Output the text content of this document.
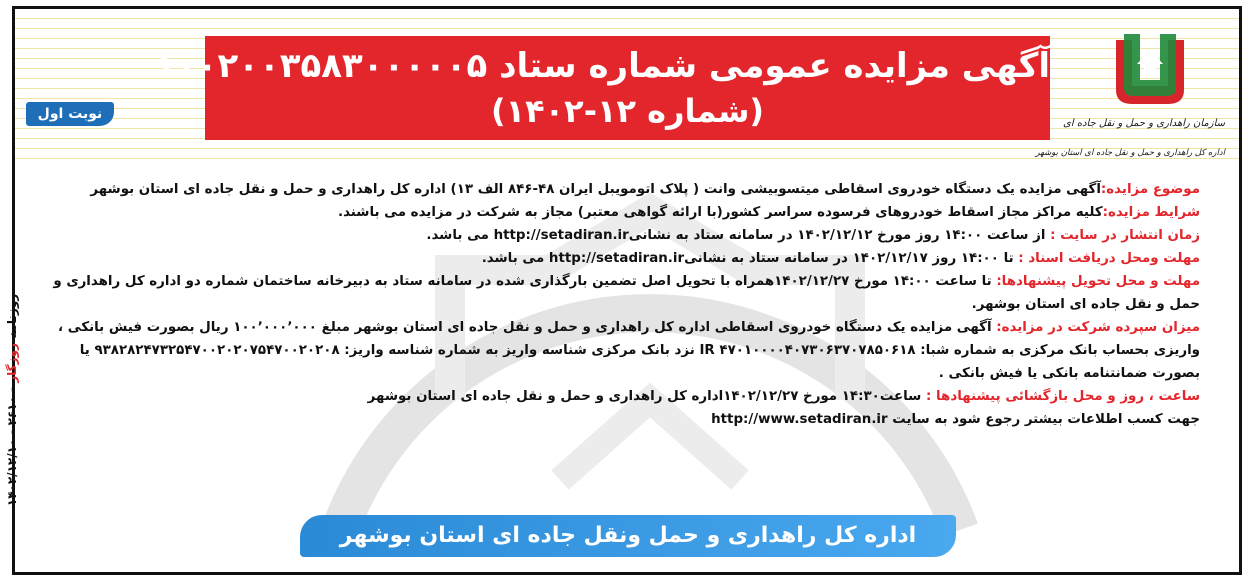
سازمان راهداری و حمل و نقل جاده ای
اداره کل راهداری و حمل و نقل جاده ای استان بوشهر
آگهی مزایده عمومی شماره ستاد ۱۰۰۲۰۰۳۵۸۳۰۰۰۰۰۵
(شماره ۱۲-۱۴۰۲)
نوبت اول
موضوع مزایده:آگهی مزایده یک دستگاه خودروی اسقاطی میتسوبیشی وانت ( پلاک اتومویبل ایران ۴۸-۸۴۶ الف ۱۳) اداره کل راهداری و حمل و نقل جاده ای استان بوشهر
شرایط مزایده:کلیه مراکز مجاز اسقاط خودروهای فرسوده سراسر کشور(با ارائه گواهی معتبر) مجاز به شرکت در مزایده می باشند.
زمان انتشار در سایت : از ساعت ۱۴:۰۰ روز مورخ ۱۴۰۲/۱۲/۱۲ در سامانه ستاد به نشانیhttp://setadiran.ir می باشد.
مهلت ومحل دریافت اسناد : تا ۱۴:۰۰ روز ۱۴۰۲/۱۲/۱۷ در سامانه ستاد به نشانیhttp://setadiran.ir می باشد.
مهلت و محل تحویل پیشنهادها: تا ساعت ۱۴:۰۰ مورخ ۱۴۰۲/۱۲/۲۷همراه با تحویل اصل تضمین بارگذاری شده در سامانه ستاد به دبیرخانه ساختمان شماره دو اداره کل راهداری و حمل و نقل جاده ای استان بوشهر.
میزان سپرده شرکت در مزایده: آگهی مزایده یک دستگاه خودروی اسقاطی اداره کل راهداری و حمل و نقل جاده ای استان بوشهر مبلغ ۱۰۰٬۰۰۰٬۰۰۰ ریال بصورت فیش بانکی ، واریزی بحساب بانک مرکزی به شماره شبا: IR ۴۷۰۱۰۰۰۰۴۰۷۳۰۶۳۷۰۷۸۵۰۶۱۸ نزد بانک مرکزی شناسه واریز به شماره شناسه واریز: ۹۳۸۲۸۲۴۷۳۲۵۴۷۰۰۲۰۲۰۷۵۴۷۰۰۲۰۲۰۸ یا بصورت ضمانتنامه بانکی یا فیش بانکی .
ساعت ، روز و محل بازگشائی پیشنهادها : ساعت۱۴:۳۰ مورخ ۱۴۰۲/۱۲/۲۷اداره کل راهداری و حمل و نقل جاده ای استان بوشهر
جهت کسب اطلاعات بیشتر رجوع شود به سایت http://www.setadiran.ir
روزنامه روزگار - ۲۶۱۰ - ۱۴۰۲/۱۲/۱۰
اداره کل راهداری و حمل ونقل جاده ای استان بوشهر
